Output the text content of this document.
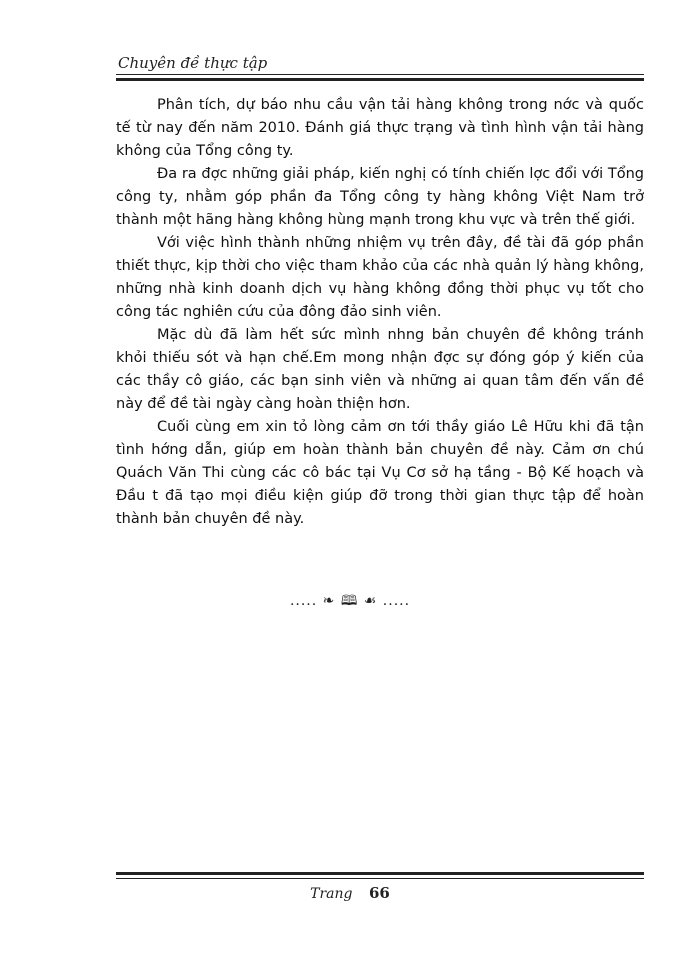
Chuyên đề thực tập

Phân tích, dự báo nhu cầu vận tải hàng không trong nớc và quốc tế từ nay đến năm 2010. Đánh giá thực trạng và tình hình vận tải hàng không của Tổng công ty.

Đa ra đợc những giải pháp, kiến nghị có tính chiến lợc đổi với Tổng công ty, nhằm góp phần đa Tổng công ty hàng không Việt Nam trở thành một hãng hàng không hùng mạnh trong khu vực và trên thế giới.

Với việc hình thành những nhiệm vụ trên đây, đề tài đã góp phần thiết thực, kịp thời cho việc tham khảo của các nhà quản lý hàng không, những nhà kinh doanh dịch vụ hàng không đồng thời phục vụ tốt cho công tác nghiên cứu của đông đảo sinh viên.

Mặc dù đã làm hết sức mình nhng bản chuyên đề không tránh khỏi thiếu sót và hạn chế.Em mong nhận đợc sự đóng góp ý kiến của các thầy cô giáo, các bạn sinh viên và những ai quan tâm đến vấn đề này để đề tài ngày càng hoàn thiện hơn.

Cuối cùng em xin tỏ lòng cảm ơn tới thầy giáo Lê Hữu khi đã tận tình hớng dẫn, giúp em hoàn thành bản chuyên đề này. Cảm ơn chú Quách Văn Thi cùng các cô bác tại Vụ Cơ sở hạ tầng - Bộ Kế hoạch và Đầu t đã tạo mọi điều kiện giúp đỡ trong thời gian thực tập để hoàn thành bản chuyên đề này.

..... ❧ 🕮 ☙ .....
Trang 66
